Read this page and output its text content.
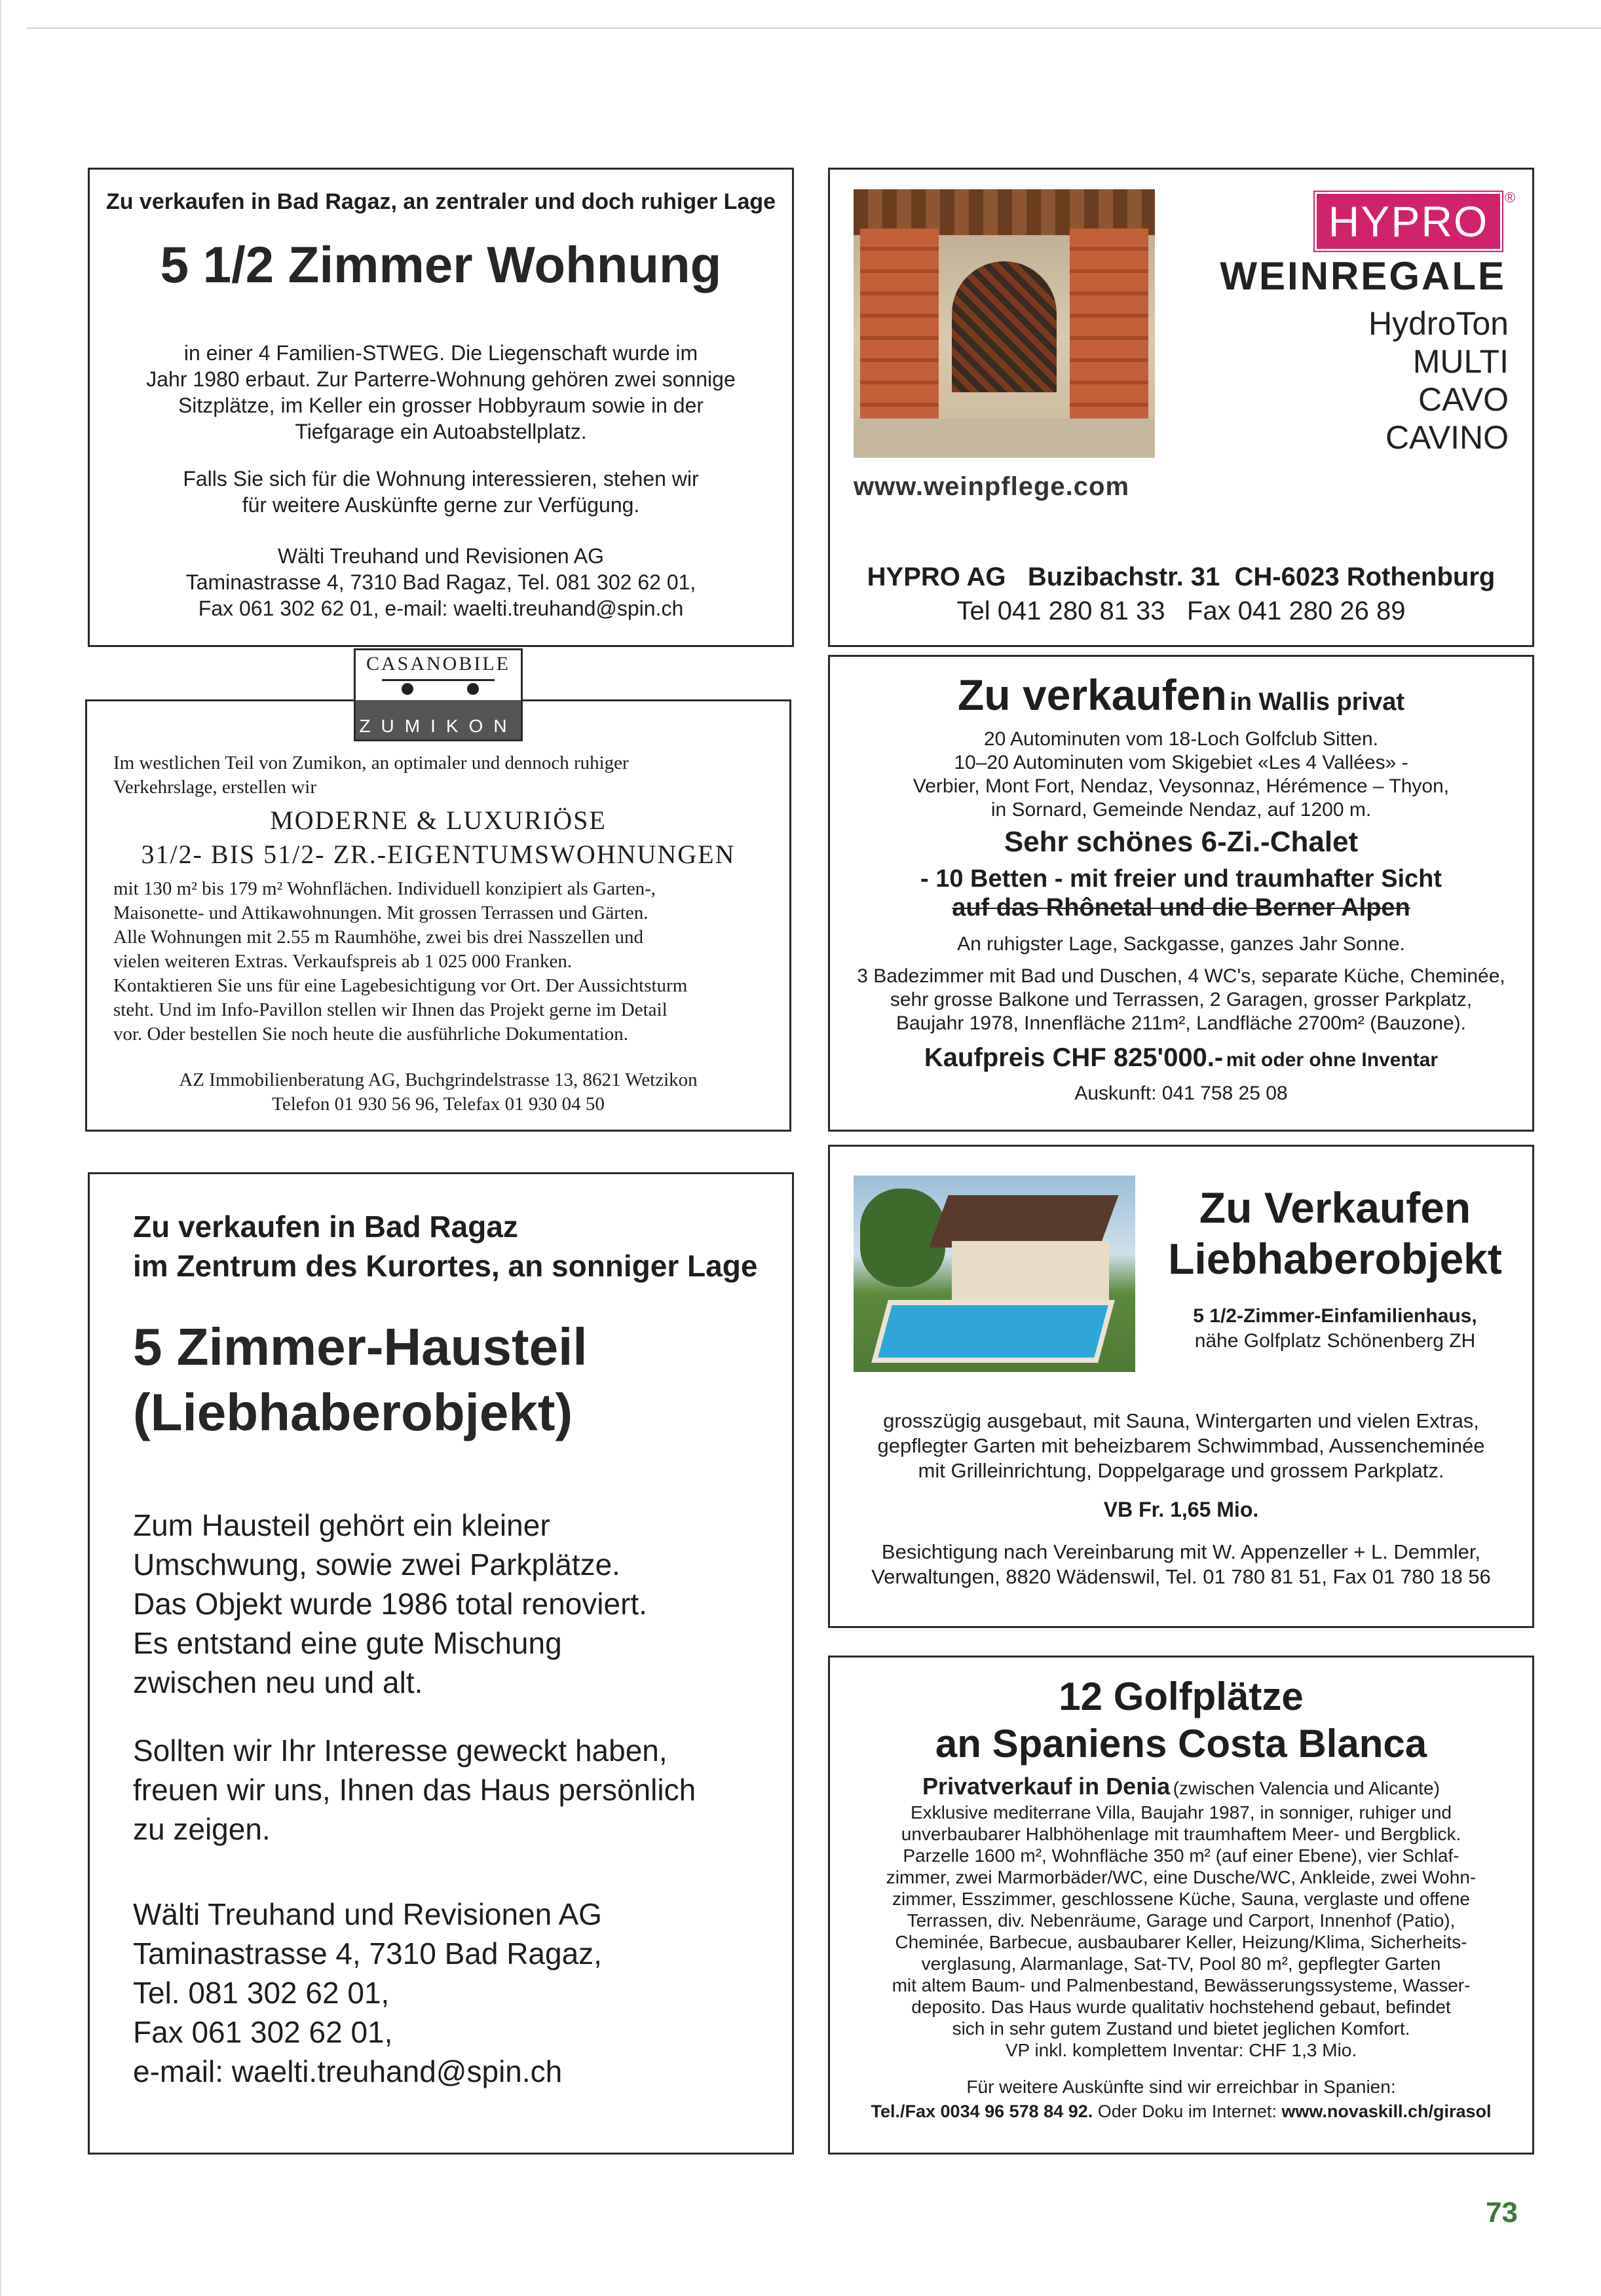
Zu verkaufen in Bad Ragaz, an zentraler und doch ruhiger Lage
5 1/2 Zimmer Wohnung
in einer 4 Familien-STWEG. Die Liegenschaft wurde im
Jahr 1980 erbaut. Zur Parterre-Wohnung gehören zwei sonnige
Sitzplätze, im Keller ein grosser Hobbyraum sowie in der
Tiefgarage ein Autoabstellplatz.
Falls Sie sich für die Wohnung interessieren, stehen wir
für weitere Auskünfte gerne zur Verfügung.
Wälti Treuhand und Revisionen AG
Taminastrasse 4, 7310 Bad Ragaz, Tel. 081 302 62 01,
Fax 061 302 62 01, e-mail: waelti.treuhand@spin.ch
www.weinpflege.com
HYPRO	®
WEINREGALE
HydroTon
MULTI
CAVO
CAVINO
HYPRO AG   Buzibachstr. 31  CH-6023 Rothenburg
Tel 041 280 81 33   Fax 041 280 26 89
CASANOBILE
ZUMIKON
Im westlichen Teil von Zumikon, an optimaler und dennoch ruhiger
Verkehrslage, erstellen wir
MODERNE & LUXURIÖSE
31/2- BIS 51/2- ZR.-EIGENTUMSWOHNUNGEN
mit 130 m² bis 179 m² Wohnflächen. Individuell konzipiert als Garten-,
Maisonette- und Attikawohnungen. Mit grossen Terrassen und Gärten.
Alle Wohnungen mit 2.55 m Raumhöhe, zwei bis drei Nasszellen und
vielen weiteren Extras. Verkaufspreis ab 1 025 000 Franken.
Kontaktieren Sie uns für eine Lagebesichtigung vor Ort. Der Aussichtsturm
steht. Und im Info-Pavillon stellen wir Ihnen das Projekt gerne im Detail
vor. Oder bestellen Sie noch heute die ausführliche Dokumentation.
AZ Immobilienberatung AG, Buchgrindelstrasse 13, 8621 Wetzikon
Telefon 01 930 56 96, Telefax 01 930 04 50
Zu verkaufen in Wallis privat
20 Autominuten vom 18-Loch Golfclub Sitten.
10–20 Autominuten vom Skigebiet «Les 4 Vallées» -
Verbier, Mont Fort, Nendaz, Veysonnaz, Hérémence – Thyon,
in Sornard, Gemeinde Nendaz, auf 1200 m.
Sehr schönes 6-Zi.-Chalet
- 10 Betten - mit freier und traumhafter Sicht
auf das Rhônetal und die Berner Alpen
An ruhigster Lage, Sackgasse, ganzes Jahr Sonne.
3 Badezimmer mit Bad und Duschen, 4 WC's, separate Küche, Cheminée,
sehr grosse Balkone und Terrassen, 2 Garagen, grosser Parkplatz,
Baujahr 1978, Innenfläche 211m², Landfläche 2700m² (Bauzone).
Kaufpreis CHF 825'000.- mit oder ohne Inventar
Auskunft: 041 758 25 08
Zu verkaufen in Bad Ragaz
im Zentrum des Kurortes, an sonniger Lage
5 Zimmer-Hausteil
(Liebhaberobjekt)
Zum Hausteil gehört ein kleiner
Umschwung, sowie zwei Parkplätze.
Das Objekt wurde 1986 total renoviert.
Es entstand eine gute Mischung
zwischen neu und alt.
Sollten wir Ihr Interesse geweckt haben,
freuen wir uns, Ihnen das Haus persönlich
zu zeigen.
Wälti Treuhand und Revisionen AG
Taminastrasse 4, 7310 Bad Ragaz,
Tel. 081 302 62 01,
Fax 061 302 62 01,
e-mail: waelti.treuhand@spin.ch
Zu Verkaufen
Liebhaberobjekt
5 1/2-Zimmer-Einfamilienhaus,
nähe Golfplatz Schönenberg ZH
grosszügig ausgebaut, mit Sauna, Wintergarten und vielen Extras,
gepflegter Garten mit beheizbarem Schwimmbad, Aussencheminée
mit Grilleinrichtung, Doppelgarage und grossem Parkplatz.
VB Fr. 1,65 Mio.
Besichtigung nach Vereinbarung mit W. Appenzeller + L. Demmler,
Verwaltungen, 8820 Wädenswil, Tel. 01 780 81 51, Fax 01 780 18 56
12 Golfplätze
an Spaniens Costa Blanca
Privatverkauf in Denia (zwischen Valencia und Alicante)
Exklusive mediterrane Villa, Baujahr 1987, in sonniger, ruhiger und
unverbaubarer Halbhöhenlage mit traumhaftem Meer- und Bergblick.
Parzelle 1600 m², Wohnfläche 350 m² (auf einer Ebene), vier Schlaf-
zimmer, zwei Marmorbäder/WC, eine Dusche/WC, Ankleide, zwei Wohn-
zimmer, Esszimmer, geschlossene Küche, Sauna, verglaste und offene
Terrassen, div. Nebenräume, Garage und Carport, Innenhof (Patio),
Cheminée, Barbecue, ausbaubarer Keller, Heizung/Klima, Sicherheits-
verglasung, Alarmanlage, Sat-TV, Pool 80 m², gepflegter Garten
mit altem Baum- und Palmenbestand, Bewässerungssysteme, Wasser-
deposito. Das Haus wurde qualitativ hochstehend gebaut, befindet
sich in sehr gutem Zustand und bietet jeglichen Komfort.
VP inkl. komplettem Inventar: CHF 1,3 Mio.
Für weitere Auskünfte sind wir erreichbar in Spanien:
Tel./Fax 0034 96 578 84 92. Oder Doku im Internet: www.novaskill.ch/girasol
73
